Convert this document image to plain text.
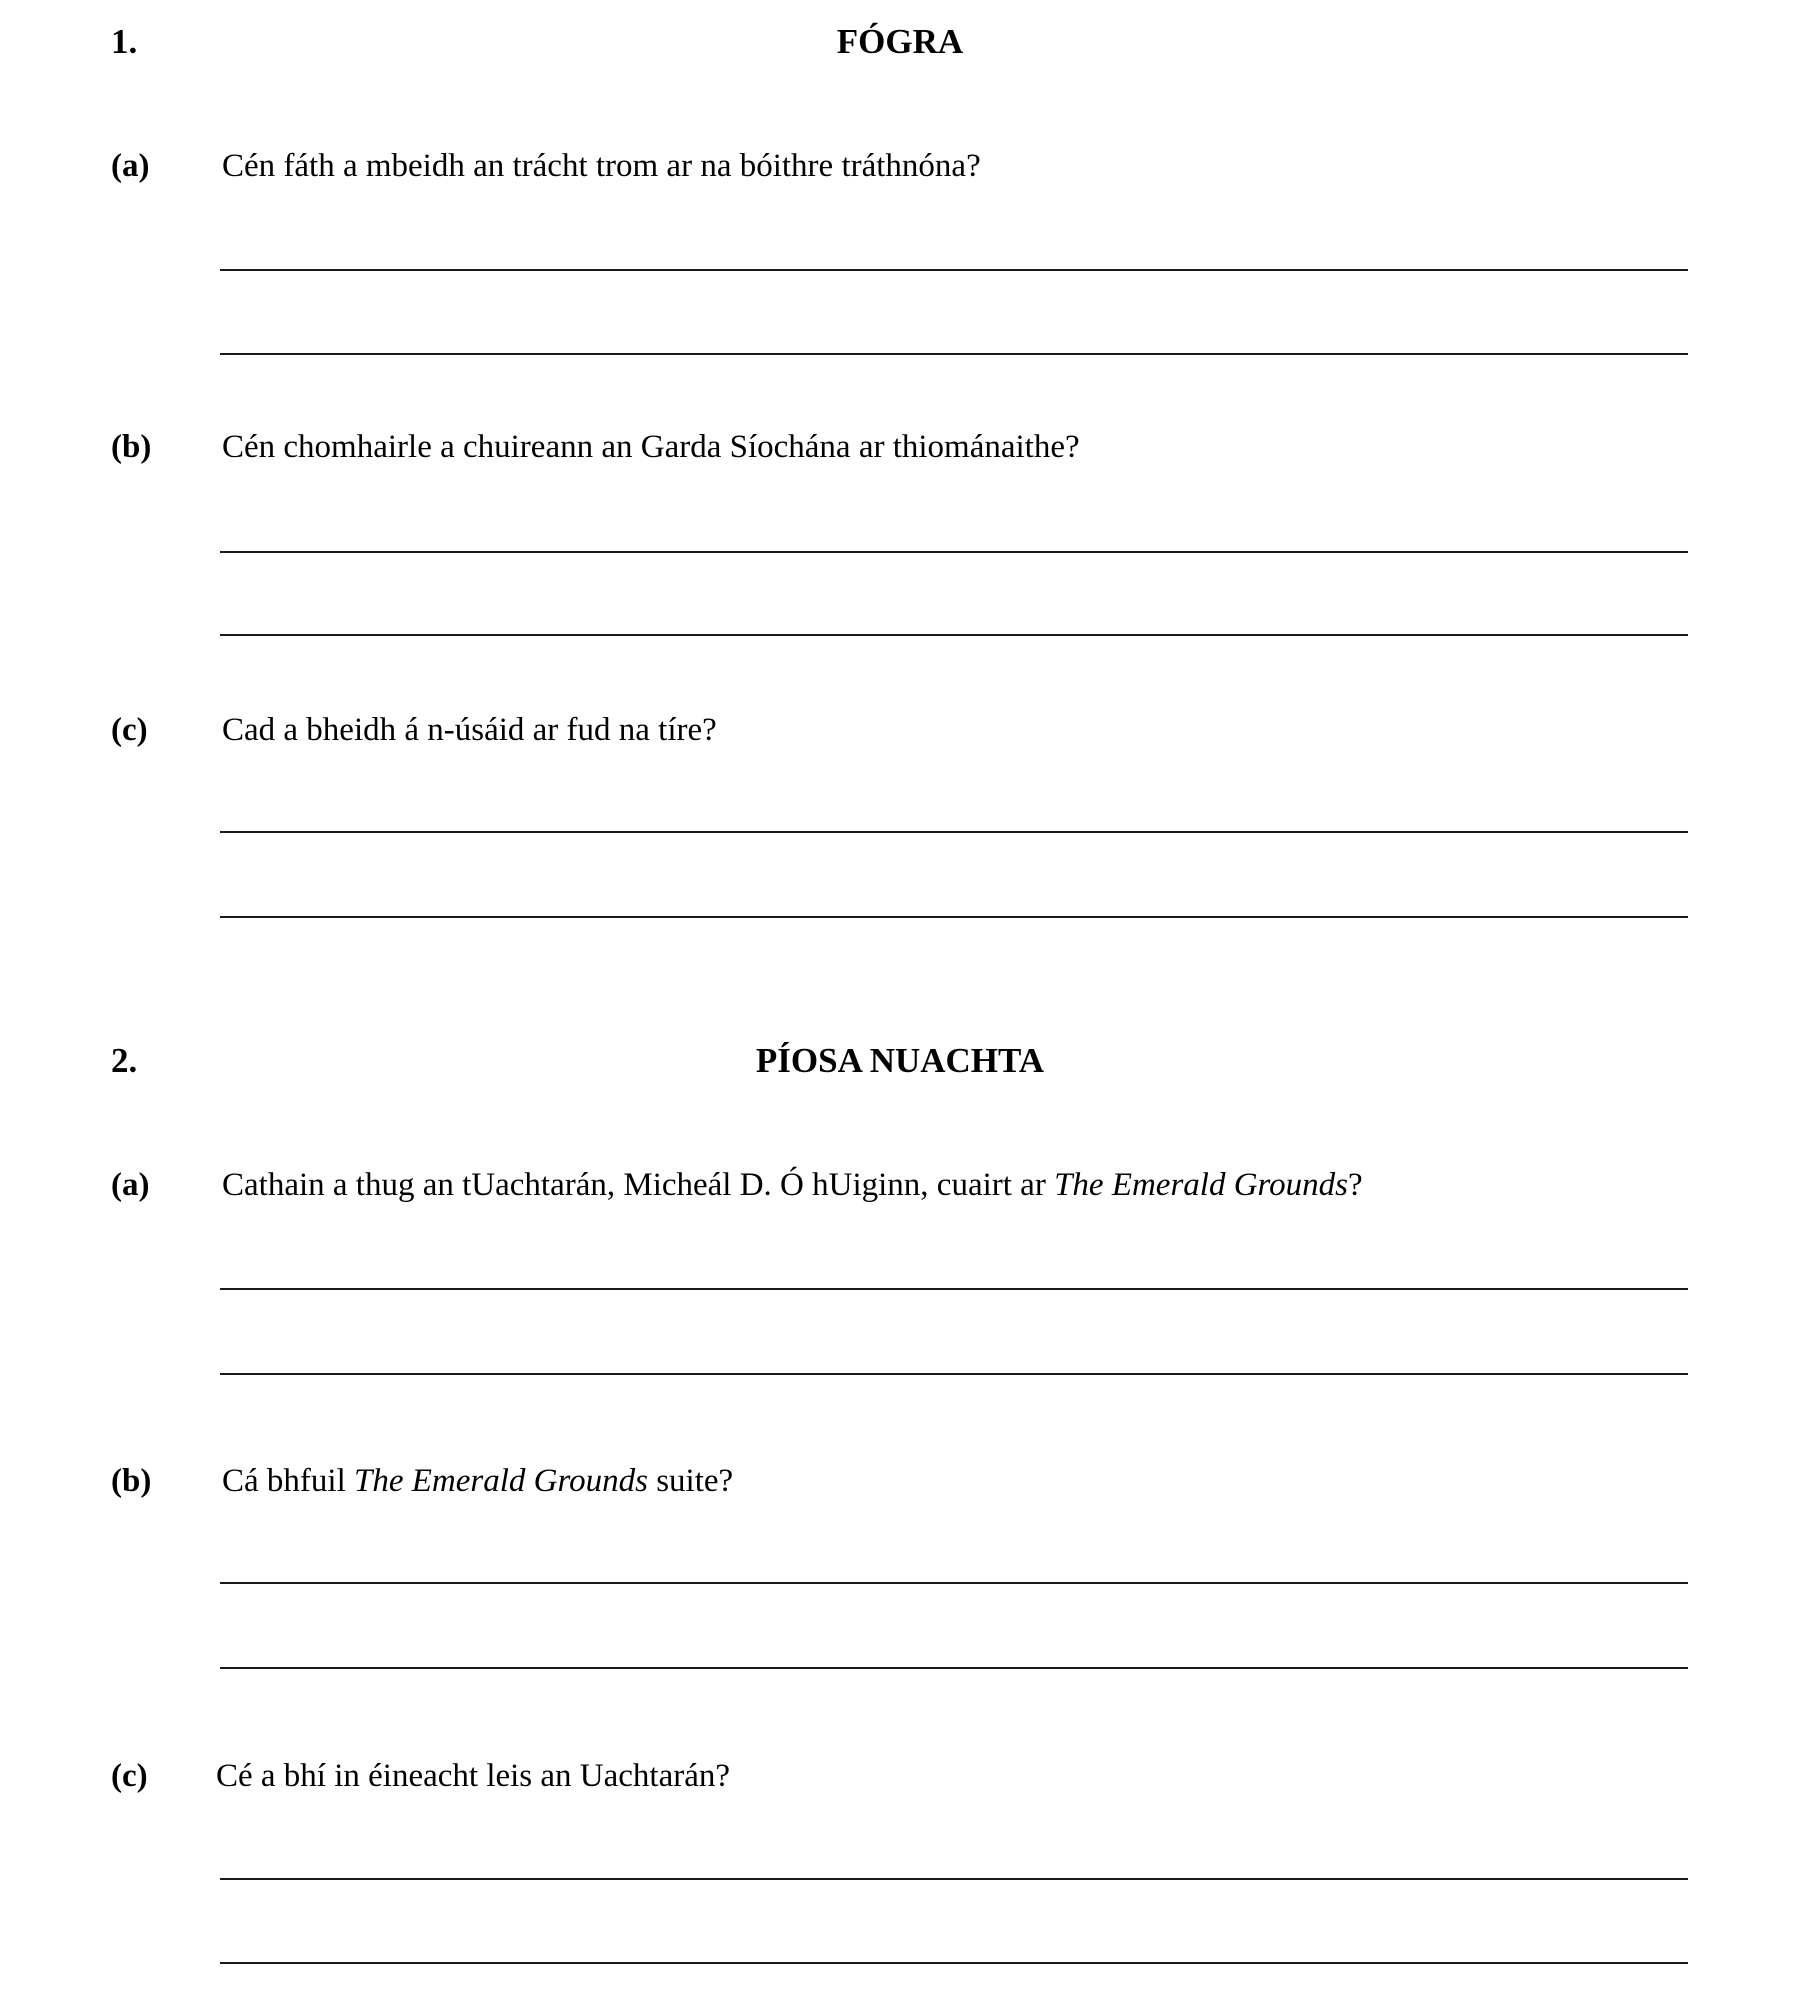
1.	FÓGRA
(a) Cén fáth a mbeidh an trácht trom ar na bóithre tráthnóna?
(b) Cén chomhairle a chuireann an Garda Síochána ar thiománaithe?
(c) Cad a bheidh á n-úsáid ar fud na tíre?
2.	PÍOSA NUACHTA
(a) Cathain a thug an tUachtarán, Micheál D. Ó hUiginn, cuairt ar The Emerald Grounds?
(b) Cá bhfuil The Emerald Grounds suite?
(c) Cé a bhí in éineacht leis an Uachtarán?
